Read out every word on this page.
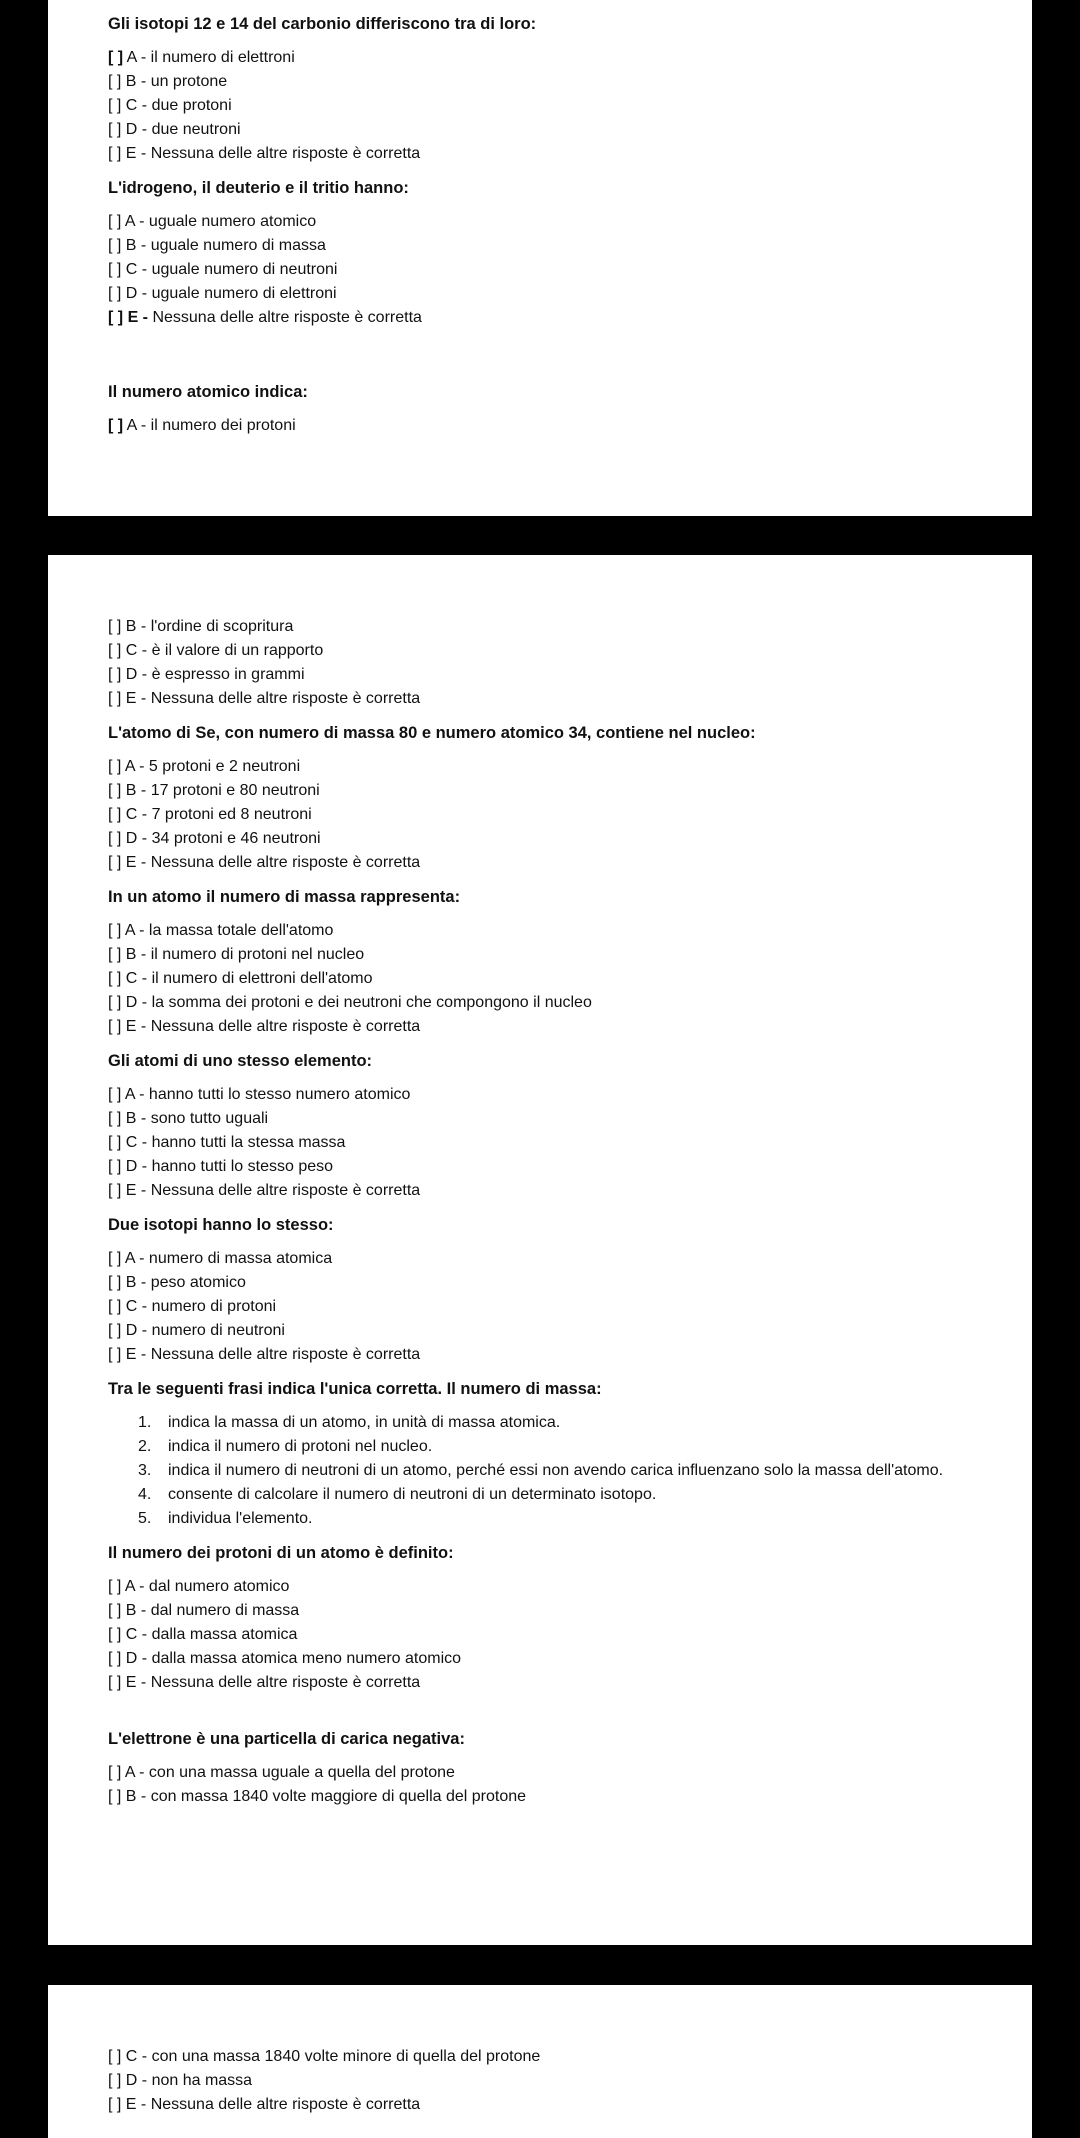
Gli isotopi 12 e 14 del carbonio differiscono tra di loro:
[ ] A - il numero di elettroni
[ ] B - un protone
[ ] C - due protoni
[ ] D - due neutroni
[ ] E - Nessuna delle altre risposte è corretta
L'idrogeno, il deuterio e il tritio hanno:
[ ] A - uguale numero atomico
[ ] B - uguale numero di massa
[ ] C - uguale numero di neutroni
[ ] D - uguale numero di elettroni
[ ] E - Nessuna delle altre risposte è corretta
Il numero atomico indica:
[ ] A - il numero dei protoni
[ ] B - l'ordine di scopritura
[ ] C - è il valore di un rapporto
[ ] D - è espresso in grammi
[ ] E - Nessuna delle altre risposte è corretta
L'atomo di Se, con numero di massa 80 e numero atomico 34, contiene nel nucleo:
[ ] A - 5 protoni e 2 neutroni
[ ] B - 17 protoni e 80 neutroni
[ ] C - 7 protoni ed 8 neutroni
[ ] D - 34 protoni e 46 neutroni
[ ] E - Nessuna delle altre risposte è corretta
In un atomo il numero di massa rappresenta:
[ ] A - la massa totale dell'atomo
[ ] B - il numero di protoni nel nucleo
[ ] C - il numero di elettroni dell'atomo
[ ] D - la somma dei protoni e dei neutroni che compongono il nucleo
[ ] E - Nessuna delle altre risposte è corretta
Gli atomi di uno stesso elemento:
[ ] A - hanno tutti lo stesso numero atomico
[ ] B - sono tutto uguali
[ ] C - hanno tutti la stessa massa
[ ] D - hanno tutti lo stesso peso
[ ] E - Nessuna delle altre risposte è corretta
Due isotopi hanno lo stesso:
[ ] A - numero di massa atomica
[ ] B - peso atomico
[ ] C - numero di protoni
[ ] D - numero di neutroni
[ ] E - Nessuna delle altre risposte è corretta
Tra le seguenti frasi indica l'unica corretta. Il numero di massa:
1. indica la massa di un atomo, in unità di massa atomica.
2. indica il numero di protoni nel nucleo.
3. indica il numero di neutroni di un atomo, perché essi non avendo carica influenzano solo la massa dell'atomo.
4. consente di calcolare il numero di neutroni di un determinato isotopo.
5. individua l'elemento.
Il numero dei protoni di un atomo è definito:
[ ] A - dal numero atomico
[ ] B - dal numero di massa
[ ] C - dalla massa atomica
[ ] D - dalla massa atomica meno numero atomico
[ ] E - Nessuna delle altre risposte è corretta
L'elettrone è una particella di carica negativa:
[ ] A - con una massa uguale a quella del protone
[ ] B - con massa 1840 volte maggiore di quella del protone
[ ] C - con una massa 1840 volte minore di quella del protone
[ ] D - non ha massa
[ ] E - Nessuna delle altre risposte è corretta
